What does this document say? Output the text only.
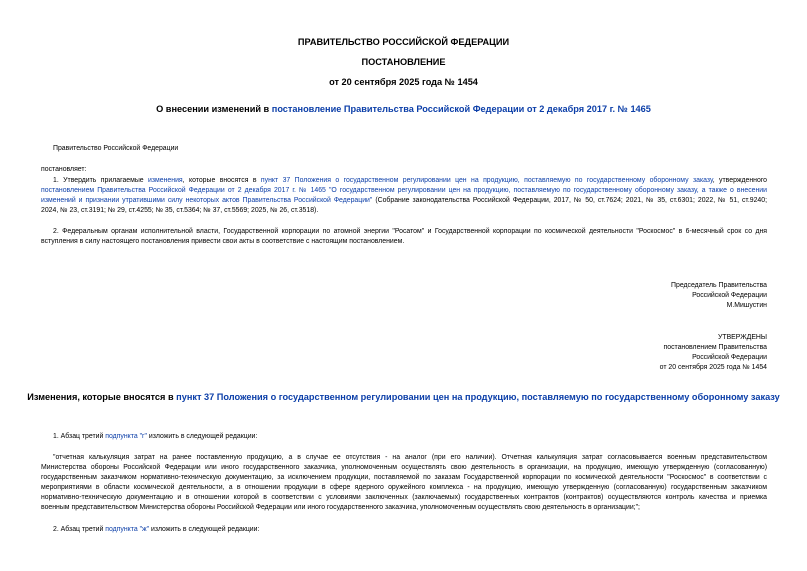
ПРАВИТЕЛЬСТВО РОССИЙСКОЙ ФЕДЕРАЦИИ
ПОСТАНОВЛЕНИЕ
от 20 сентября 2025 года № 1454
О внесении изменений в постановление Правительства Российской Федерации от 2 декабря 2017 г. № 1465
Правительство Российской Федерации
постановляет:
1. Утвердить прилагаемые изменения, которые вносятся в пункт 37 Положения о государственном регулировании цен на продукцию, поставляемую по государственному оборонному заказу, утвержденного
постановлением Правительства Российской Федерации от 2 декабря 2017 г. № 1465 "О государственном регулировании цен на продукцию, поставляемую по государственному оборонному заказу, а также о внесении
изменений и признании утратившими силу некоторых актов Правительства Российской Федерации" (Собрание законодательства Российской Федерации, 2017, № 50, ст.7624; 2021, № 35, ст.6301; 2022, № 51, ст.9240;
2024, № 23, ст.3191; № 29, ст.4255; № 35, ст.5364; № 37, ст.5569; 2025, № 26, ст.3518).
2. Федеральным органам исполнительной власти, Государственной корпорации по атомной энергии "Росатом" и Государственной корпорации по космической деятельности "Роскосмос" в 6-месячный срок со дня
вступления в силу настоящего постановления привести свои акты в соответствие с настоящим постановлением.
Председатель Правительства
Российской Федерации
М.Мишустин
УТВЕРЖДЕНЫ
постановлением Правительства
Российской Федерации
от 20 сентября 2025 года № 1454
Изменения, которые вносятся в пункт 37 Положения о государственном регулировании цен на продукцию, поставляемую по государственному оборонному заказу
1. Абзац третий подпункта "г" изложить в следующей редакции:
"отчетная калькуляция затрат на ранее поставленную продукцию, а в случае ее отсутствия - на аналог (при его наличии). Отчетная калькуляция затрат согласовывается военным представительством
Министерства обороны Российской Федерации или иного государственного заказчика, уполномоченным осуществлять свою деятельность в организации, на продукцию, имеющую утвержденную (согласованную)
государственным заказчиком нормативно-техническую документацию, за исключением продукции, поставляемой по заказам Государственной корпорации по космической деятельности "Роскосмос" в соответствии с
мероприятиями в области космической деятельности, а в отношении продукции в сфере ядерного оружейного комплекса - на продукцию, имеющую утвержденную (согласованную) государственным заказчиком
нормативно-техническую документацию и в отношении которой в соответствии с условиями заключенных (заключаемых) государственных контрактов (контрактов) осуществляются контроль качества и приемка
военным представительством Министерства обороны Российской Федерации или иного государственного заказчика, уполномоченным осуществлять свою деятельность в организации;";
2. Абзац третий подпункта "ж" изложить в следующей редакции:
